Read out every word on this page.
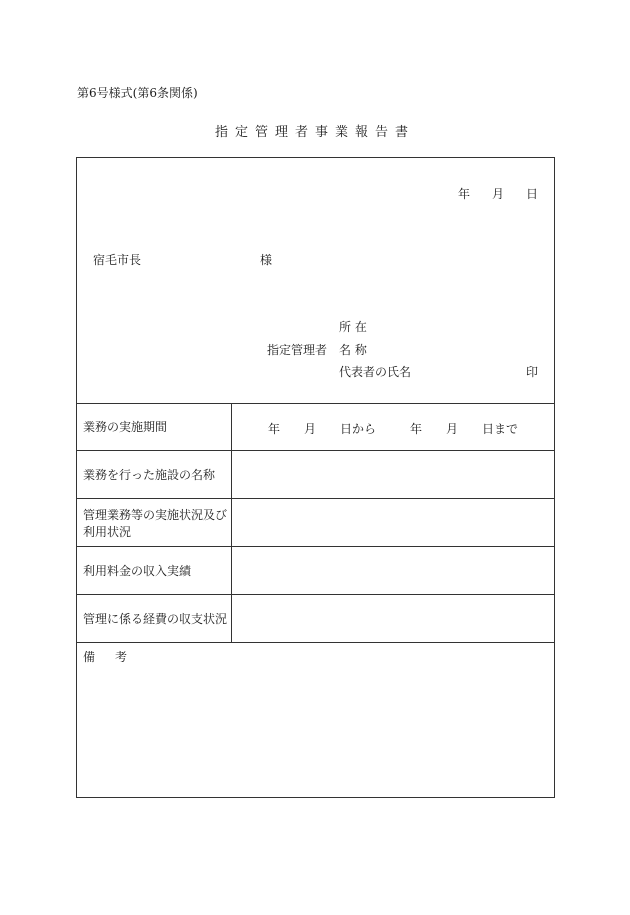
第6号様式(第6条関係)
指定管理者事業報告書
年 月 日
宿毛市長	様
指定管理者
所 在
名 称
代表者の氏名	印
業務の実施期間	年 月 日から	年 月 日まで
業務を行った施設の名称
管理業務等の実施状況及び利用状況
利用料金の収入実績
管理に係る経費の収支状況
備考
